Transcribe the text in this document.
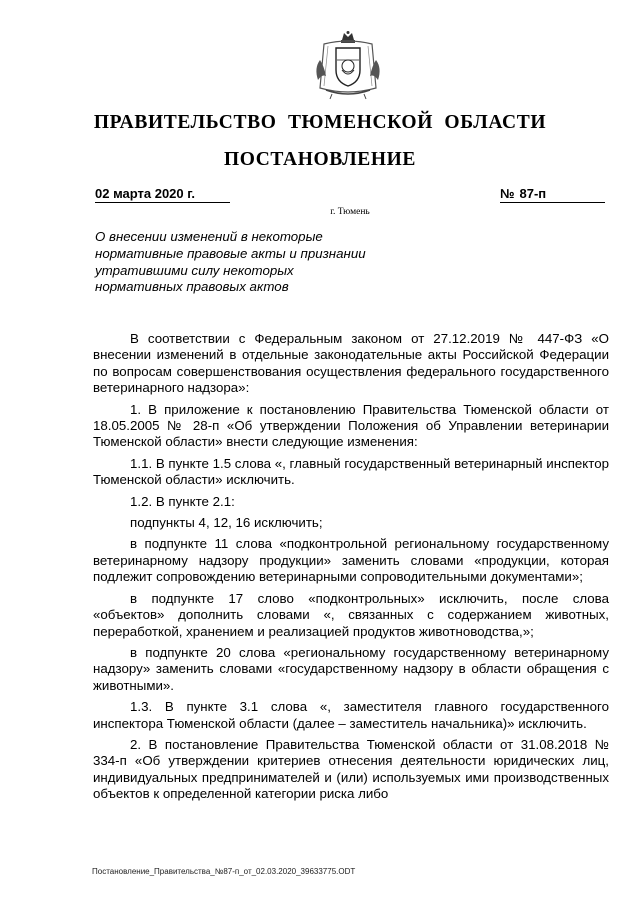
ПРАВИТЕЛЬСТВО ТЮМЕНСКОЙ ОБЛАСТИ
ПОСТАНОВЛЕНИЕ
02 марта 2020 г.	№ 87-п
г. Тюмень
О внесении изменений в некоторые
нормативные правовые акты и признании
утратившими силу некоторых
нормативных правовых актов

В соответствии с Федеральным законом от 27.12.2019 № 447-ФЗ «О внесении изменений в отдельные законодательные акты Российской Федерации по вопросам совершенствования осуществления федерального государственного ветеринарного надзора»:

1. В приложение к постановлению Правительства Тюменской области от 18.05.2005 № 28-п «Об утверждении Положения об Управлении ветеринарии Тюменской области» внести следующие изменения:

1.1. В пункте 1.5 слова «, главный государственный ветеринарный инспектор Тюменской области» исключить.

1.2. В пункте 2.1:

подпункты 4, 12, 16 исключить;

в подпункте 11 слова «подконтрольной региональному государственному ветеринарному надзору продукции» заменить словами «продукции, которая подлежит сопровождению ветеринарными сопроводительными документами»;

в подпункте 17 слово «подконтрольных» исключить, после слова «объектов» дополнить словами «, связанных с содержанием животных, переработкой, хранением и реализацией продуктов животноводства,»;

в подпункте 20 слова «региональному государственному ветеринарному надзору» заменить словами «государственному надзору в области обращения с животными».

1.3. В пункте 3.1 слова «, заместителя главного государственного инспектора Тюменской области (далее – заместитель начальника)» исключить.

2. В постановление Правительства Тюменской области от 31.08.2018 № 334-п «Об утверждении критериев отнесения деятельности юридических лиц, индивидуальных предпринимателей и (или) используемых ими производственных объектов к определенной категории риска либо

Постановление_Правительства_№87-п_от_02.03.2020_39633775.ODT
